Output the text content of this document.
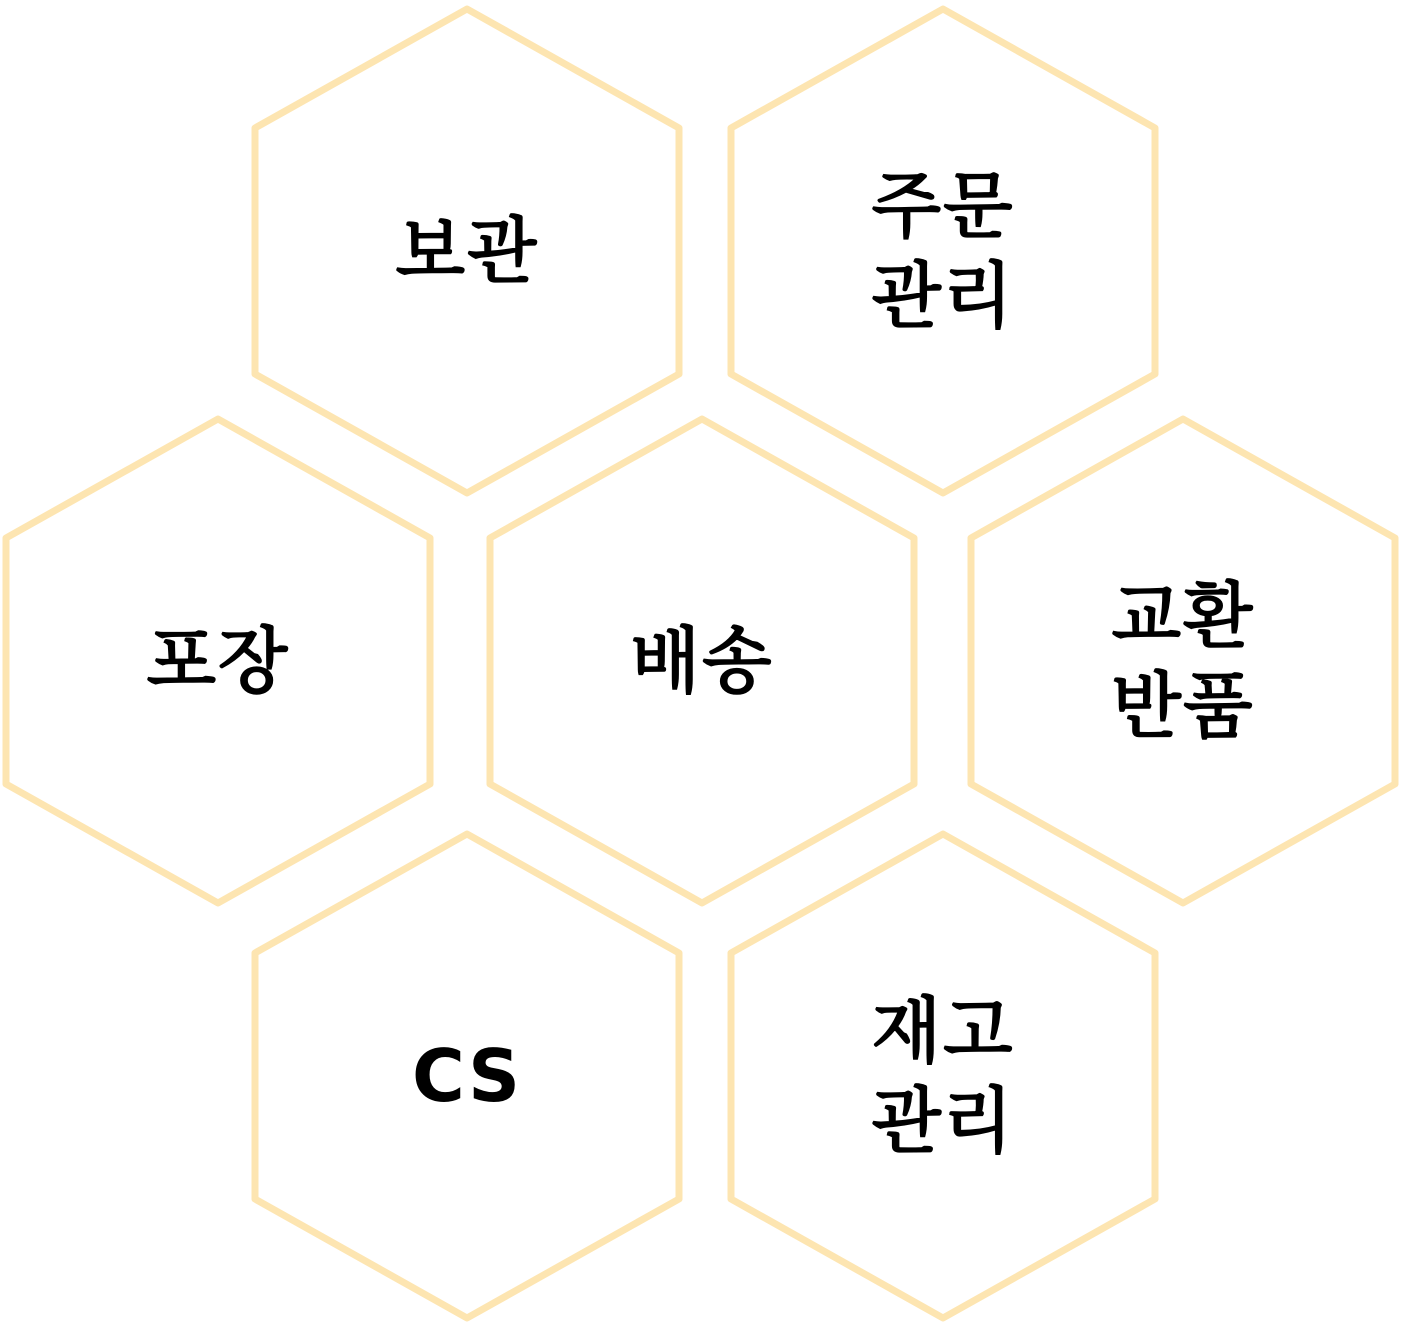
보관
주문
관리
포장	배송
교환
반품
CS
재고
관리
